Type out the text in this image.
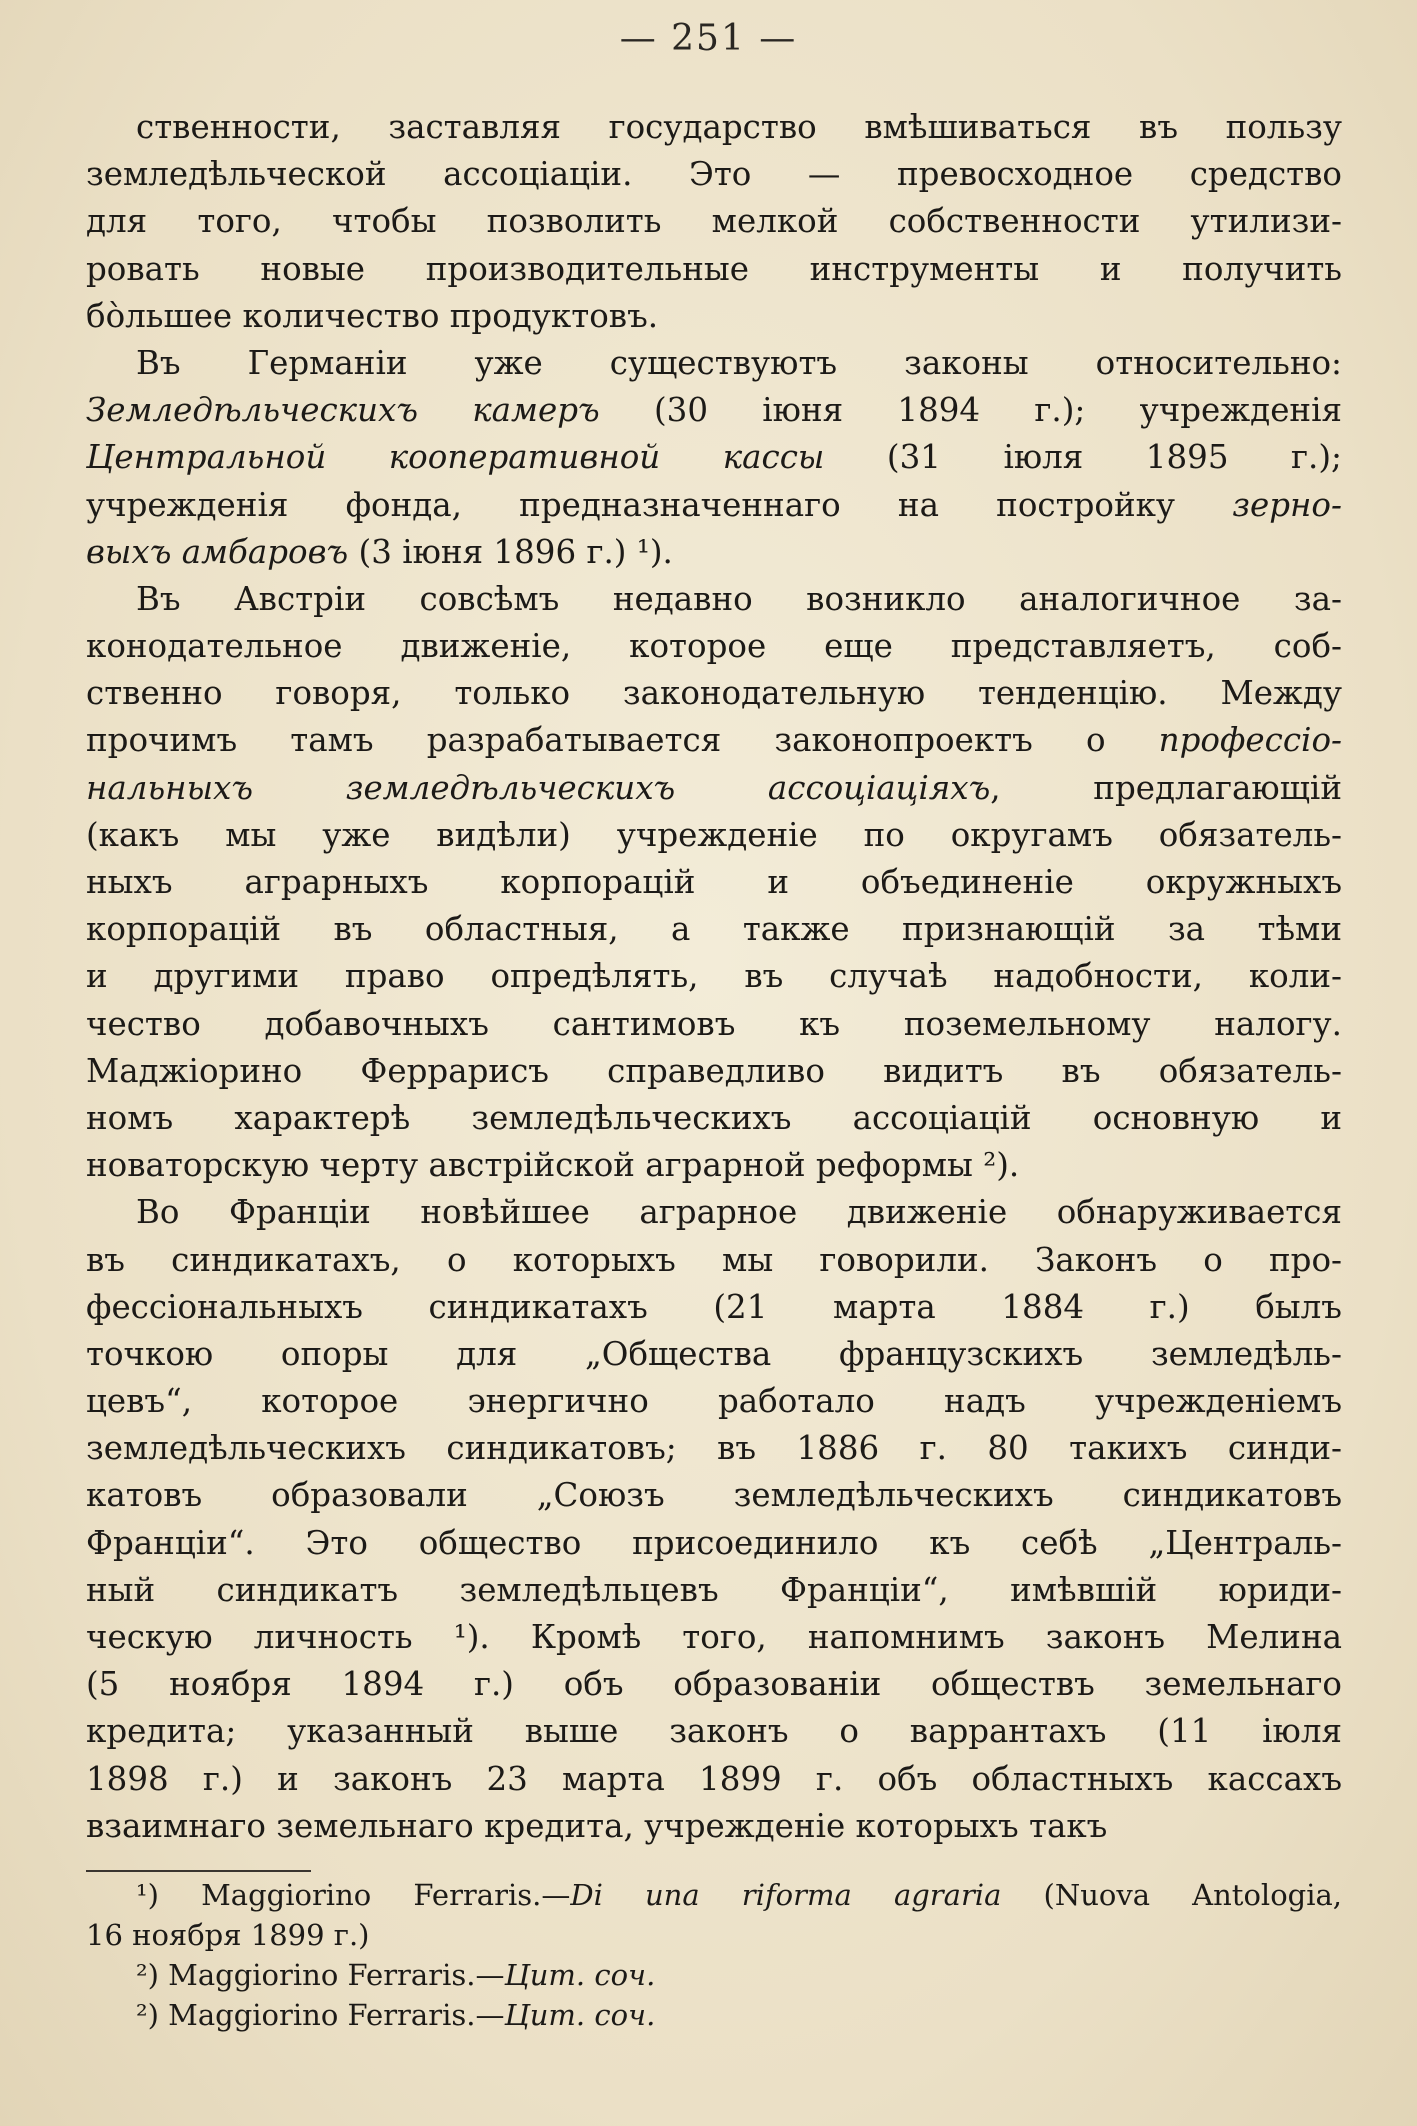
— 251 —
ственности, заставляя государство вмѣшиваться въ пользу
земледѣльческой ассоціаціи. Это — превосходное средство
для того, чтобы позволить мелкой собственности утилизи-
ровать новые производительные инструменты и получить
бо̀льшее количество продуктовъ.
Въ Германіи уже существуютъ законы относительно:
Земледѣльческихъ камеръ (30 іюня 1894 г.); учрежденія
Центральной кооперативной кассы (31 іюля 1895 г.);
учрежденія фонда, предназначеннаго на постройку зерно-
выхъ амбаровъ (3 іюня 1896 г.) ¹).
Въ Австріи совсѣмъ недавно возникло аналогичное за-
конодательное движеніе, которое еще представляетъ, соб-
ственно говоря, только законодательную тенденцію. Между
прочимъ тамъ разрабатывается законопроектъ о профессіо-
нальныхъ земледѣльческихъ ассоціаціяхъ, предлагающій
(какъ мы уже видѣли) учрежденіе по округамъ обязатель-
ныхъ аграрныхъ корпорацій и объединеніе окружныхъ
корпорацій въ областныя, а также признающій за тѣми
и другими право опредѣлять, въ случаѣ надобности, коли-
чество добавочныхъ сантимовъ къ поземельному налогу.
Маджіорино Феррарисъ справедливо видитъ въ обязатель-
номъ характерѣ земледѣльческихъ ассоціацій основную и
новаторскую черту австрійской аграрной реформы ²).
Во Франціи новѣйшее аграрное движеніе обнаруживается
въ синдикатахъ, о которыхъ мы говорили. Законъ о про-
фессіональныхъ синдикатахъ (21 марта 1884 г.) былъ
точкою опоры для „Общества французскихъ земледѣль-
цевъ“, которое энергично работало надъ учрежденіемъ
земледѣльческихъ синдикатовъ; въ 1886 г. 80 такихъ синди-
катовъ образовали „Союзъ земледѣльческихъ синдикатовъ
Франціи“. Это общество присоединило къ себѣ „Централь-
ный синдикатъ земледѣльцевъ Франціи“, имѣвшій юриди-
ческую личность ¹). Кромѣ того, напомнимъ законъ Мелина
(5 ноября 1894 г.) объ образованіи обществъ земельнаго
кредита; указанный выше законъ о варрантахъ (11 іюля
1898 г.) и законъ 23 марта 1899 г. объ областныхъ кассахъ
взаимнаго земельнаго кредита, учрежденіе которыхъ такъ
¹) Maggiorino Ferraris.—Di una riforma agraria (Nuova Antologia,
16 ноября 1899 г.)
²) Maggiorino Ferraris.—Цит. соч.
²) Maggiorino Ferraris.—Цит. соч.
